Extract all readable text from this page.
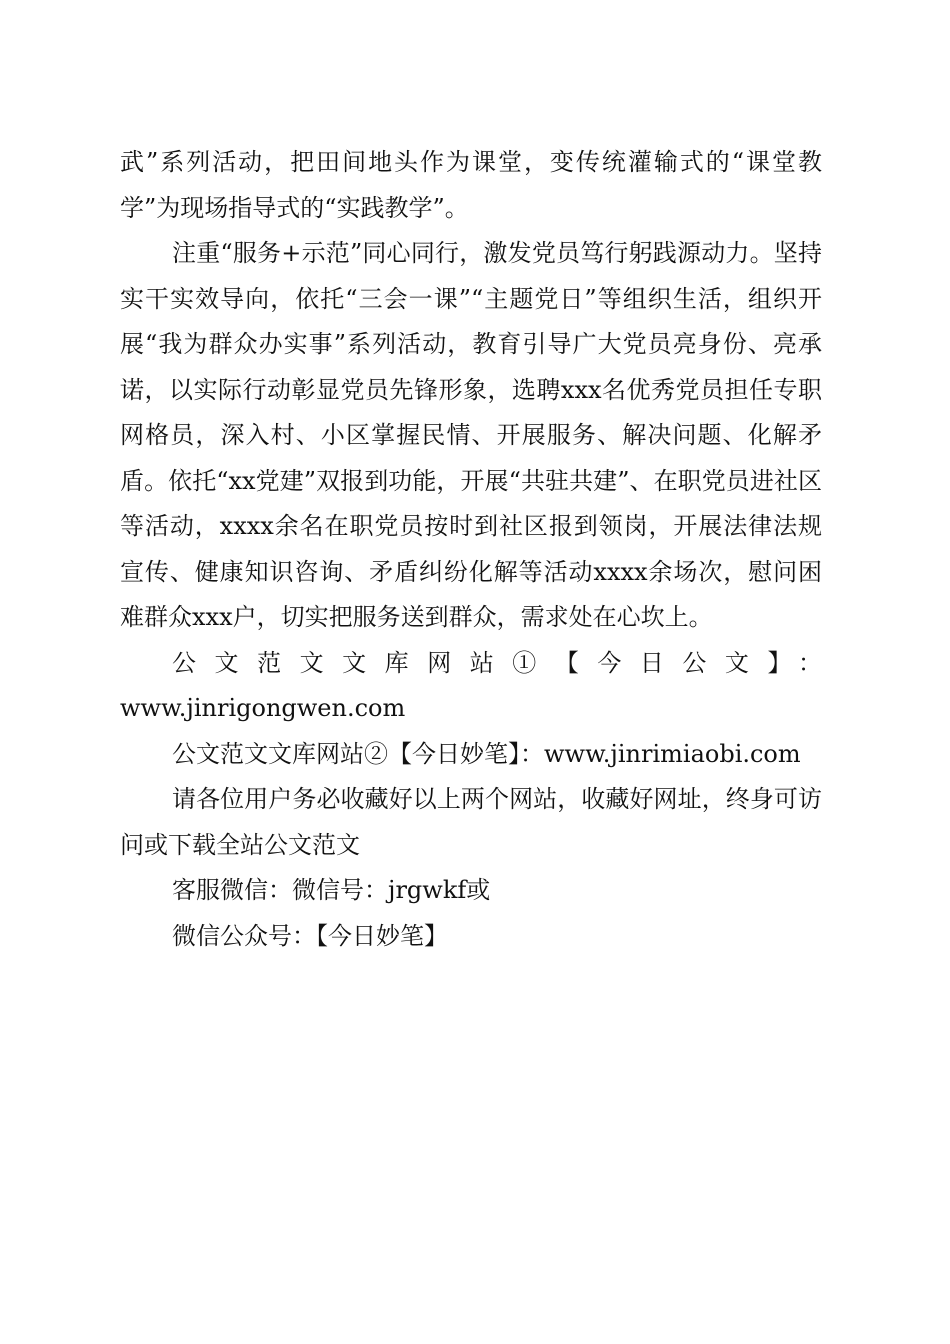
武”系列活动，把田间地头作为课堂，变传统灌输式的“课堂教学”为现场指导式的“实践教学”。

注重“服务+示范”同心同行，激发党员笃行躬践源动力。坚持实干实效导向，依托“三会一课”“主题党日”等组织生活，组织开展“我为群众办实事”系列活动，教育引导广大党员亮身份、亮承诺，以实际行动彰显党员先锋形象，选聘xxx名优秀党员担任专职网格员，深入村、小区掌握民情、开展服务、解决问题、化解矛盾。依托“xx党建”双报到功能，开展“共驻共建”、在职党员进社区等活动，xxxx余名在职党员按时到社区报到领岗，开展法律法规宣传、健康知识咨询、矛盾纠纷化解等活动xxxx余场次，慰问困难群众xxx户，切实把服务送到群众，需求处在心坎上。

公文范文文库网站①【今日公文】：

www.jinrigongwen.com

公文范文文库网站②【今日妙笔】：www.jinrimiaobi.com

请各位用户务必收藏好以上两个网站，收藏好网址，终身可访问或下载全站公文范文

客服微信：微信号：jrgwkf或

微信公众号：【今日妙笔】
